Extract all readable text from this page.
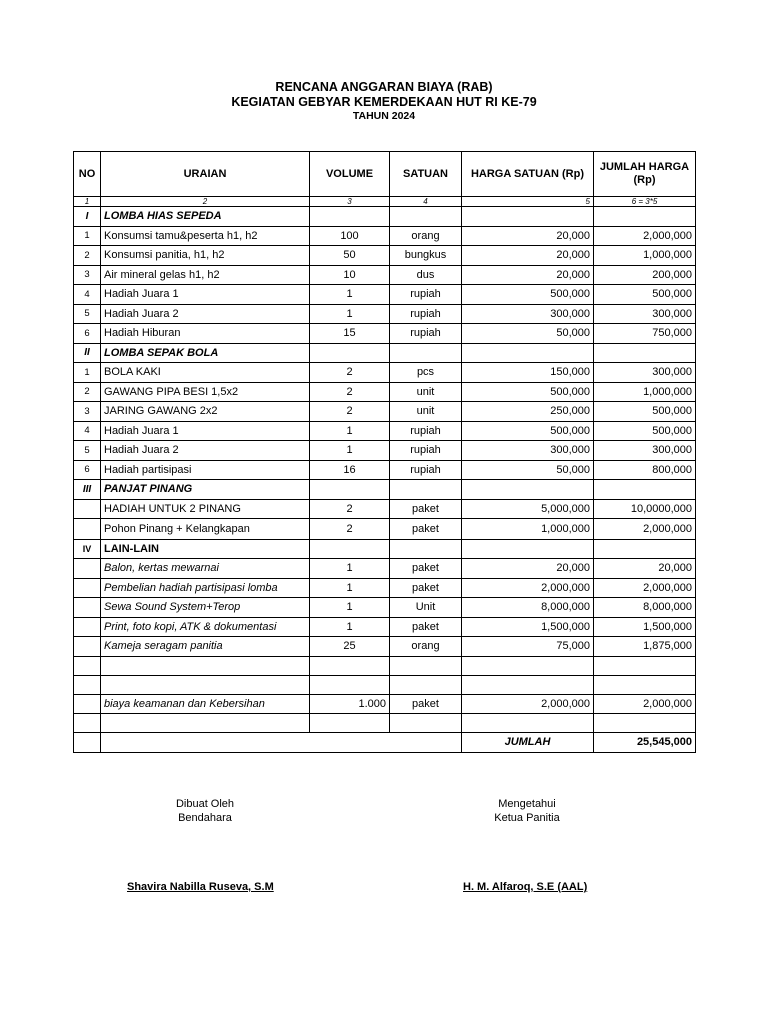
RENCANA ANGGARAN BIAYA (RAB)
KEGIATAN GEBYAR KEMERDEKAAN HUT RI KE-79
TAHUN 2024
NO	URAIAN	VOLUME	SATUAN	HARGA SATUAN (Rp)	JUMLAH HARGA (Rp)
1	2	3	4	5	6 = 3*5
I	LOMBA HIAS SEPEDA				
1	Konsumsi tamu&peserta h1, h2	100	orang	20,000	2,000,000
2	Konsumsi panitia, h1, h2	50	bungkus	20,000	1,000,000
3	Air mineral gelas h1, h2	10	dus	20,000	200,000
4	Hadiah Juara 1	1	rupiah	500,000	500,000
5	Hadiah Juara 2	1	rupiah	300,000	300,000
6	Hadiah Hiburan	15	rupiah	50,000	750,000
II	LOMBA SEPAK BOLA				
1	BOLA KAKI	2	pcs	150,000	300,000
2	GAWANG PIPA BESI 1,5x2	2	unit	500,000	1,000,000
3	JARING GAWANG 2x2	2	unit	250,000	500,000
4	Hadiah Juara 1	1	rupiah	500,000	500,000
5	Hadiah Juara 2	1	rupiah	300,000	300,000
6	Hadiah partisipasi	16	rupiah	50,000	800,000
III	PANJAT PINANG				
	HADIAH UNTUK 2 PINANG	2	paket	5,000,000	10,0000,000
	Pohon Pinang + Kelangkapan	2	paket	1,000,000	2,000,000
IV	LAIN-LAIN				
	Balon, kertas mewarnai	1	paket	20,000	20,000
	Pembelian hadiah partisipasi lomba	1	paket	2,000,000	2,000,000
	Sewa Sound System+Terop	1	Unit	8,000,000	8,000,000
	Print, foto kopi, ATK & dokumentasi	1	paket	1,500,000	1,500,000
	Kameja seragam panitia	25	orang	75,000	1,875,000

	biaya keamanan dan Kebersihan	1.000	paket	2,000,000	2,000,000

				JUMLAH	25,545,000
Dibuat Oleh
Bendahara
Mengetahui
Ketua Panitia
Shavira Nabilla Ruseva, S.M	H. M. Alfaroq, S.E (AAL)
